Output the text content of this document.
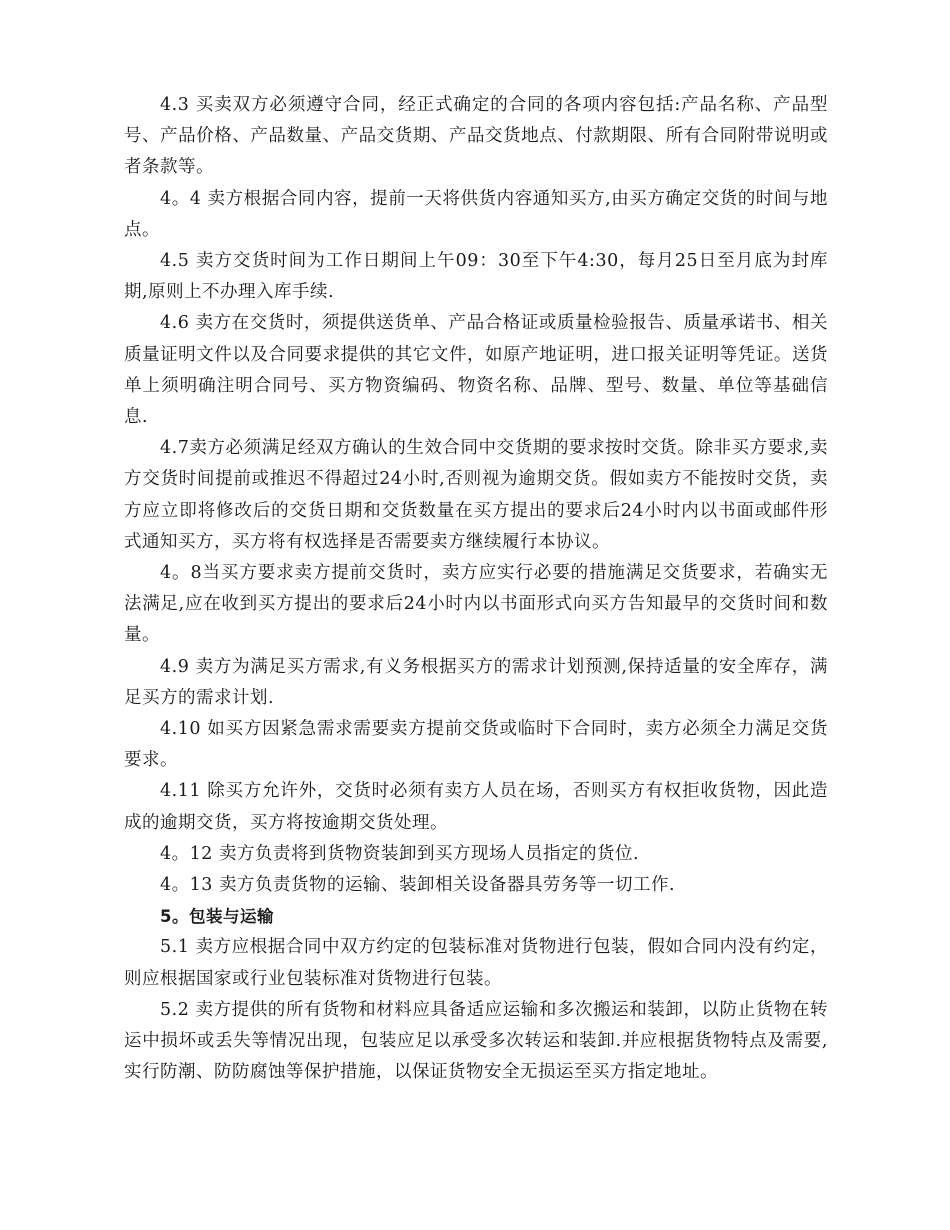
4.3 买卖双方必须遵守合同，经正式确定的合同的各项内容包括:产品名称、产品型号、产品价格、产品数量、产品交货期、产品交货地点、付款期限、所有合同附带说明或者条款等。

4。4 卖方根据合同内容，提前一天将供货内容通知买方,由买方确定交货的时间与地点。

4.5 卖方交货时间为工作日期间上午09：30至下午4:30，每月25日至月底为封库期,原则上不办理入库手续.

4.6 卖方在交货时，须提供送货单、产品合格证或质量检验报告、质量承诺书、相关质量证明文件以及合同要求提供的其它文件，如原产地证明，进口报关证明等凭证。送货单上须明确注明合同号、买方物资编码、物资名称、品牌、型号、数量、单位等基础信息.

4.7卖方必须满足经双方确认的生效合同中交货期的要求按时交货。除非买方要求,卖方交货时间提前或推迟不得超过24小时,否则视为逾期交货。假如卖方不能按时交货，卖方应立即将修改后的交货日期和交货数量在买方提出的要求后24小时内以书面或邮件形式通知买方，买方将有权选择是否需要卖方继续履行本协议。

4。8当买方要求卖方提前交货时，卖方应实行必要的措施满足交货要求，若确实无法满足,应在收到买方提出的要求后24小时内以书面形式向买方告知最早的交货时间和数量。

4.9 卖方为满足买方需求,有义务根据买方的需求计划预测,保持适量的安全库存，满足买方的需求计划.

4.10 如买方因紧急需求需要卖方提前交货或临时下合同时，卖方必须全力满足交货要求。

4.11 除买方允许外，交货时必须有卖方人员在场，否则买方有权拒收货物，因此造成的逾期交货，买方将按逾期交货处理。

4。12 卖方负责将到货物资装卸到买方现场人员指定的货位.

4。13 卖方负责货物的运输、装卸相关设备器具劳务等一切工作.

5。包装与运输

5.1 卖方应根据合同中双方约定的包装标准对货物进行包装，假如合同内没有约定，则应根据国家或行业包装标准对货物进行包装。

5.2 卖方提供的所有货物和材料应具备适应运输和多次搬运和装卸，以防止货物在转运中损坏或丢失等情况出现，包装应足以承受多次转运和装卸.并应根据货物特点及需要,实行防潮、防防腐蚀等保护措施，以保证货物安全无损运至买方指定地址。
